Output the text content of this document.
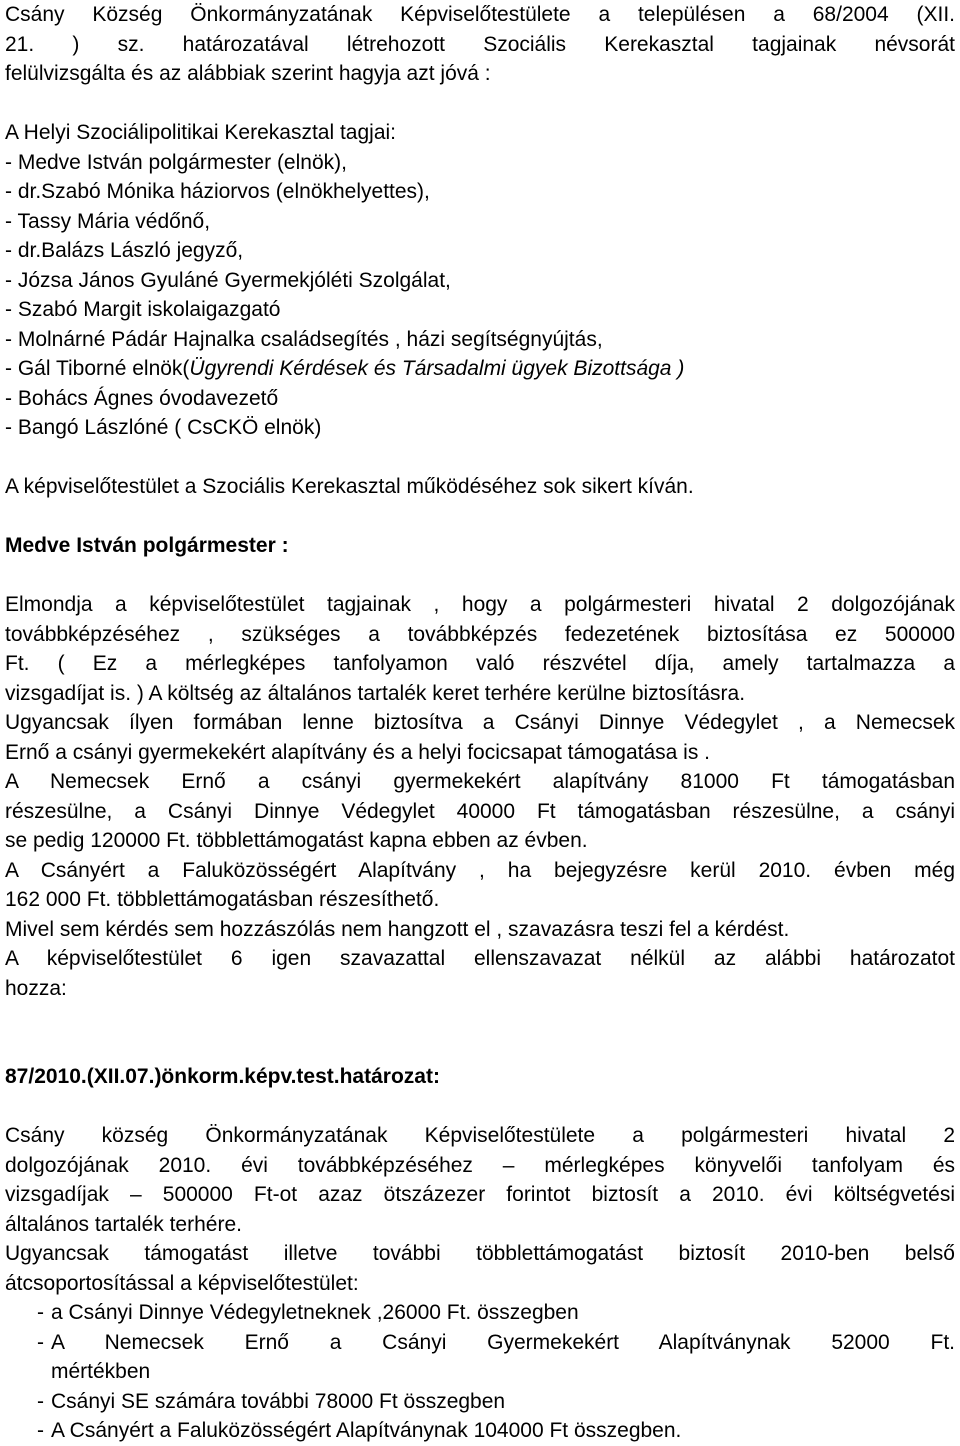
Csány Község Önkormányzatának Képviselőtestülete a településen a 68/2004 (XII.

21. ) sz. határozatával létrehozott Szociális Kerekasztal tagjainak névsorát

felülvizsgálta és az alábbiak szerint hagyja azt jóvá :

A Helyi Szociálipolitikai Kerekasztal tagjai:

- Medve István polgármester (elnök),

- dr.Szabó Mónika háziorvos (elnökhelyettes),

- Tassy Mária védőnő,

- dr.Balázs László jegyző,

- Józsa János Gyuláné Gyermekjóléti Szolgálat,

- Szabó Margit iskolaigazgató

- Molnárné Pádár Hajnalka családsegítés , házi segítségnyújtás,

- Gál Tiborné elnök(Ügyrendi Kérdések és Társadalmi ügyek Bizottsága )

- Bohács Ágnes óvodavezető

- Bangó Lászlóné ( CsCKÖ elnök)

A képviselőtestület a Szociális Kerekasztal működéséhez sok sikert kíván.

Medve István polgármester :

Elmondja a képviselőtestület tagjainak , hogy a polgármesteri hivatal 2 dolgozójának

továbbképzéséhez , szükséges a továbbképzés fedezetének biztosítása ez 500000

Ft. ( Ez a mérlegképes tanfolyamon való részvétel díja, amely tartalmazza a

vizsgadíjat is. ) A költség az általános tartalék keret terhére kerülne biztosításra.

Ugyancsak ílyen formában lenne biztosítva a Csányi Dinnye Védegylet , a Nemecsek

Ernő a csányi gyermekekért alapítvány és a helyi focicsapat támogatása is .

A Nemecsek Ernő a csányi gyermekekért alapítvány 81000 Ft támogatásban

részesülne, a Csányi Dinnye Védegylet 40000 Ft támogatásban részesülne, a csányi

se pedig 120000 Ft. többlettámogatást kapna ebben az évben.

A Csányért a Faluközösségért Alapítvány , ha bejegyzésre kerül 2010. évben még

162 000 Ft. többlettámogatásban részesíthető.

Mivel sem kérdés sem hozzászólás nem hangzott el , szavazásra teszi fel a kérdést.

A képviselőtestület 6 igen szavazattal ellenszavazat nélkül az alábbi határozatot

hozza:

87/2010.(XII.07.)önkorm.képv.test.határozat:

Csány község Önkormányzatának Képviselőtestülete a polgármesteri hivatal 2

dolgozójának 2010. évi továbbképzéséhez – mérlegképes könyvelői tanfolyam és

vizsgadíjak – 500000 Ft-ot azaz ötszázezer forintot biztosít a 2010. évi költségvetési

általános tartalék terhére.

Ugyancsak támogatást illetve további többlettámogatást biztosít 2010-ben belső

átcsoportosítással a képviselőtestület:

- a Csányi Dinnye Védegyletneknek ,26000 Ft. összegben

- A Nemecsek Ernő a Csányi Gyermekekért Alapítványnak 52000 Ft.

mértékben

- Csányi SE számára további 78000 Ft összegben

- A Csányért a Faluközösségért Alapítványnak 104000 Ft összegben.
